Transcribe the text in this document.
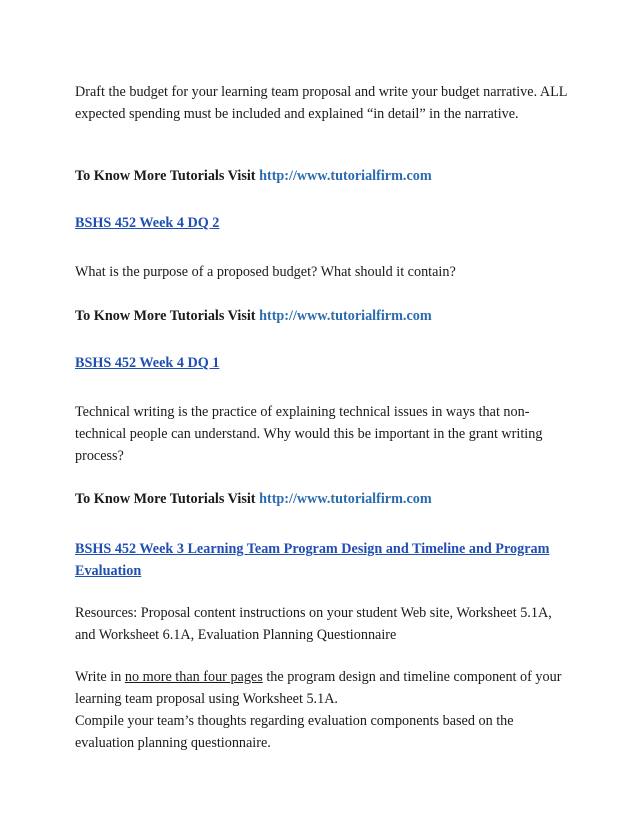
Draft the budget for your learning team proposal and write your budget narrative. ALL expected spending must be included and explained “in detail” in the narrative.

To Know More Tutorials Visit http://www.tutorialfirm.com
BSHS 452 Week 4 DQ 2

What is the purpose of a proposed budget? What should it contain?

To Know More Tutorials Visit http://www.tutorialfirm.com
BSHS 452 Week 4 DQ 1

Technical writing is the practice of explaining technical issues in ways that non-technical people can understand. Why would this be important in the grant writing process?

To Know More Tutorials Visit http://www.tutorialfirm.com
BSHS 452 Week 3 Learning Team Program Design and Timeline and Program Evaluation

Resources: Proposal content instructions on your student Web site, Worksheet 5.1A, and Worksheet 6.1A, Evaluation Planning Questionnaire

Write in no more than four pages the program design and timeline component of your learning team proposal using Worksheet 5.1A.

Compile your team’s thoughts regarding evaluation components based on the evaluation planning questionnaire.
